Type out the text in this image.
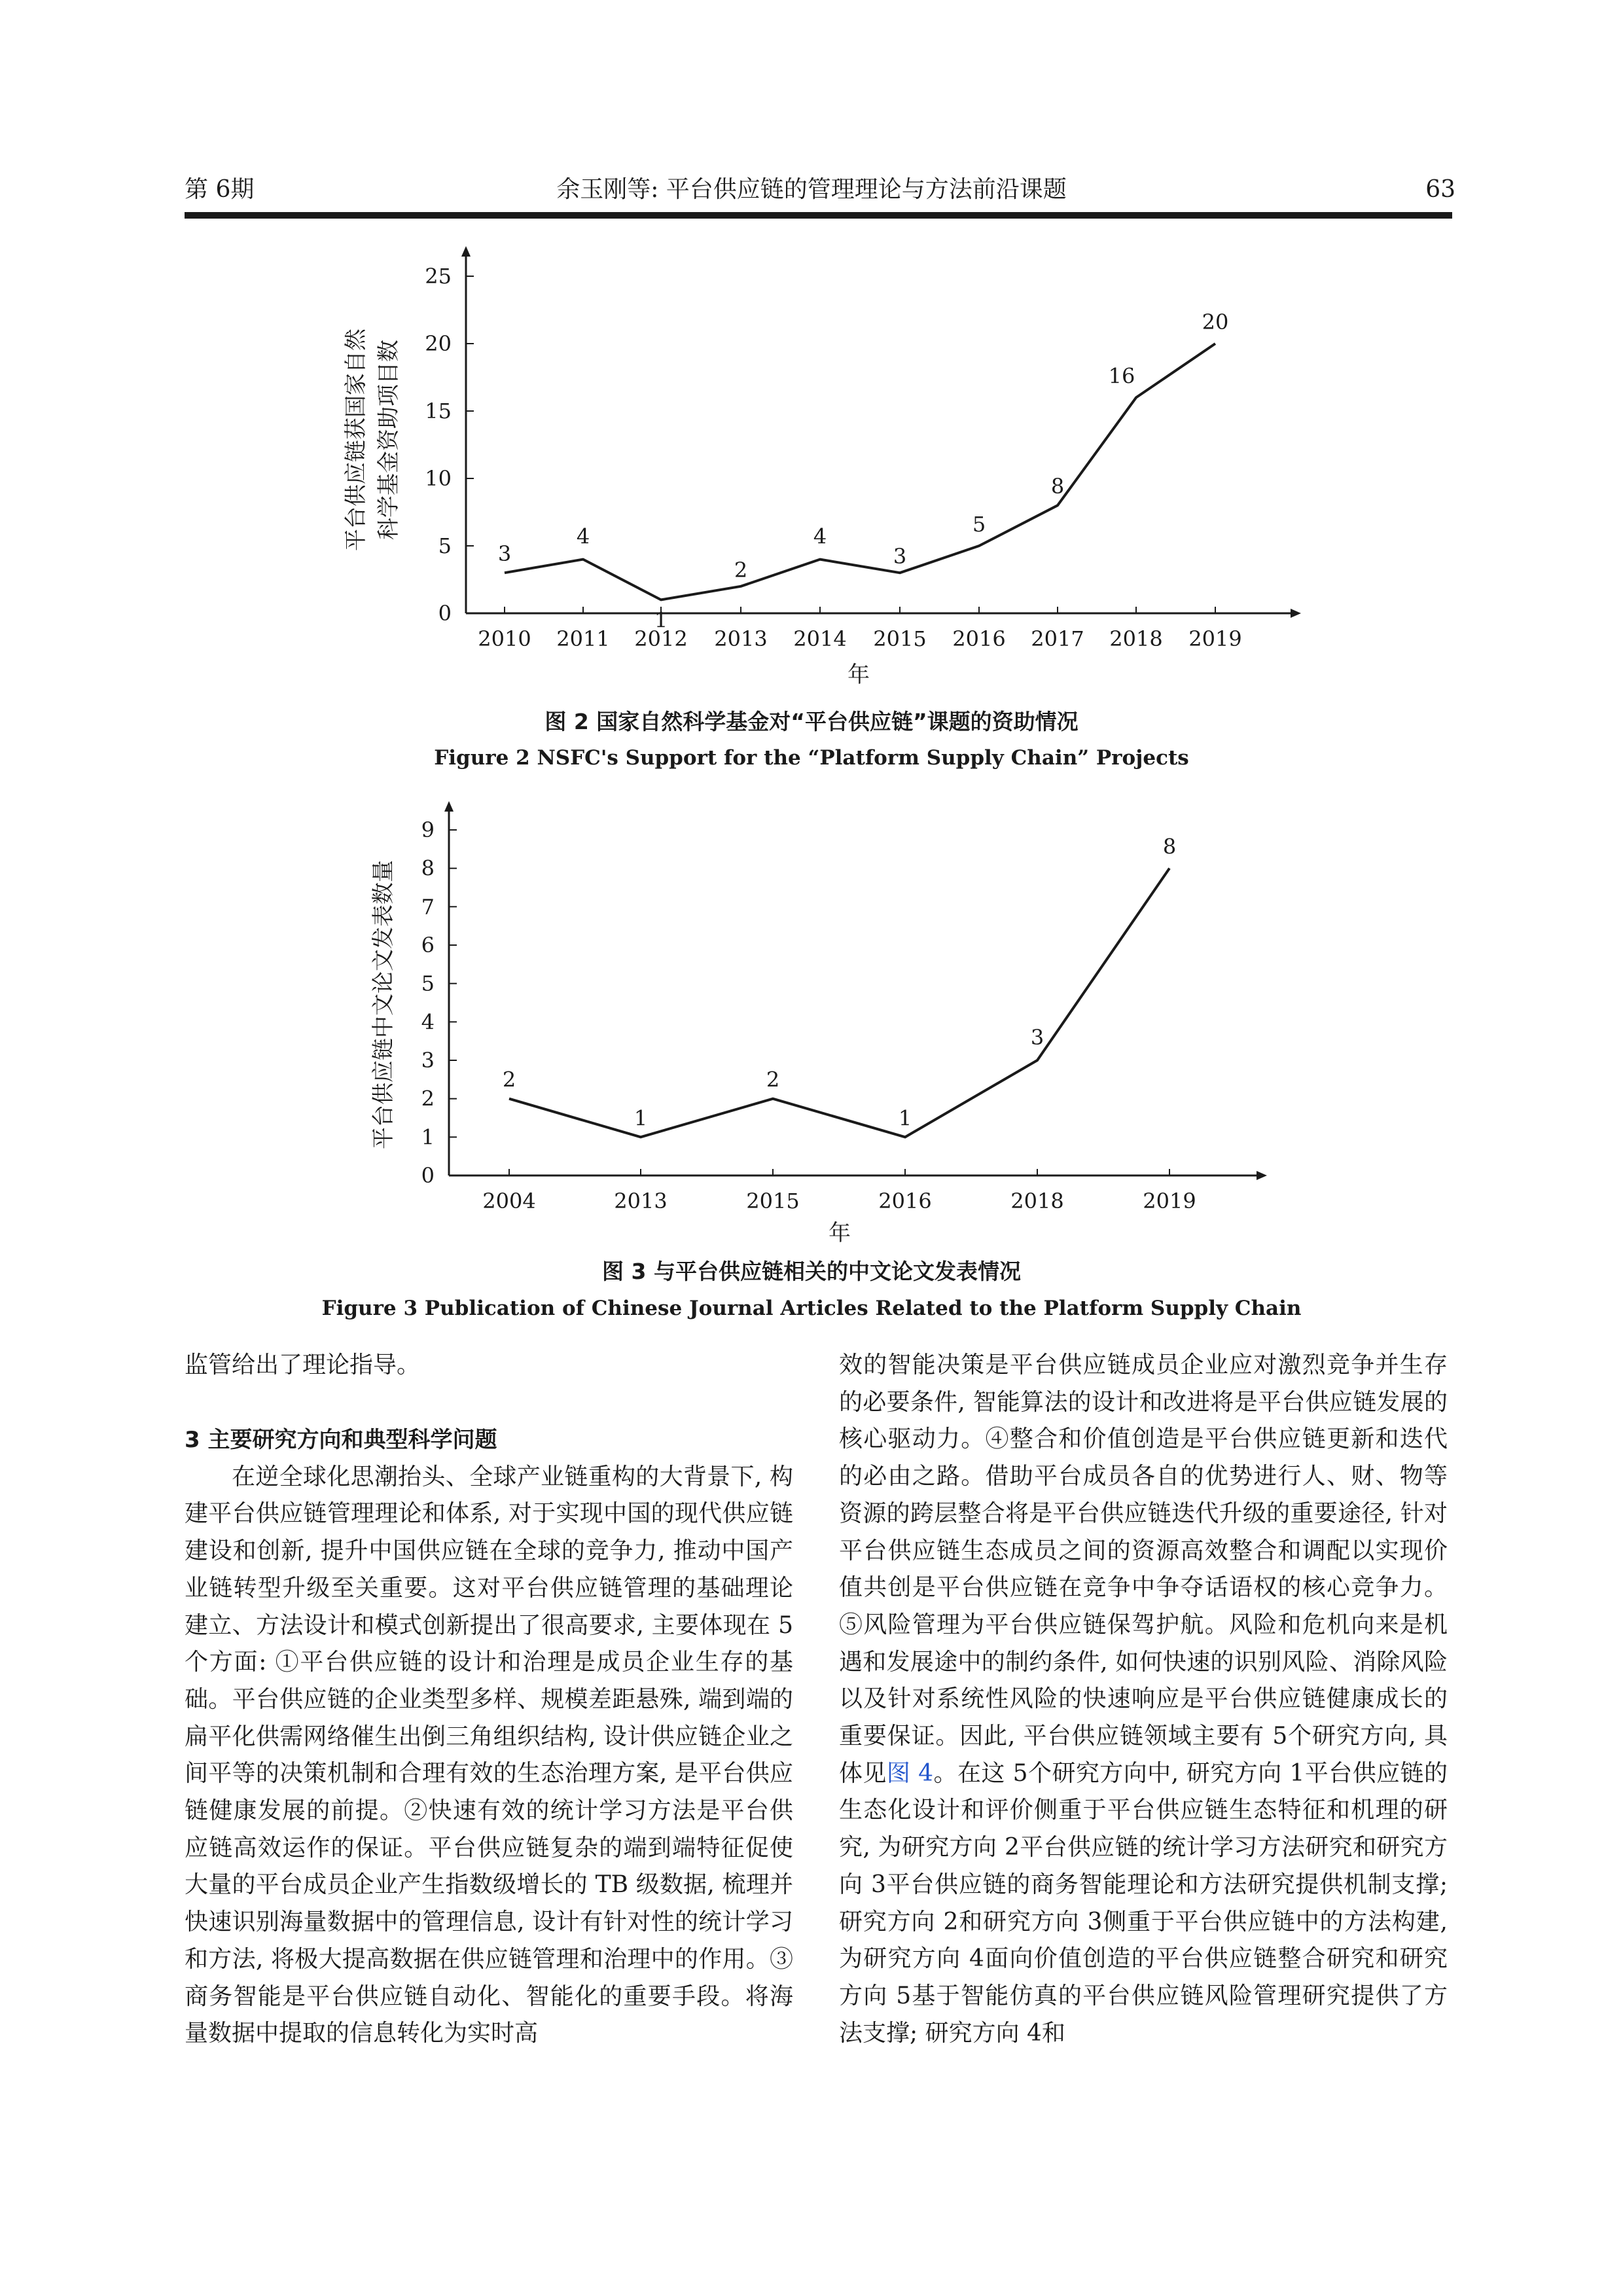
第 6期	余玉刚等: 平台供应链的管理理论与方法前沿课题	63
0
5
10
15
20
25
2010 2011 2012 2013 2014 2015 2016 2017 2018 2019
3
4
1
2
4
3
5
8
16
20
年
平台供应链获国家自然 科学基金资助项目数
图 2 国家自然科学基金对“平台供应链”课题的资助情况
Figure 2 NSFC's Support for the “Platform Supply Chain” Projects
0
1
2
3
4
5
6
7
8
9
2004	2013	2015	2016	2018	2019
2
1
2
1
3
8
年
平台供应链中文论文发表数量
图 3 与平台供应链相关的中文论文发表情况
Figure 3 Publication of Chinese Journal Articles Related to the Platform Supply Chain

监管给出了理论指导。

3 主要研究方向和典型科学问题

在逆全球化思潮抬头、全球产业链重构的大背景下, 构建平台供应链管理理论和体系, 对于实现中国的现代供应链建设和创新, 提升中国供应链在全球的竞争力, 推动中国产业链转型升级至关重要。这对平台供应链管理的基础理论建立、方法设计和模式创新提出了很高要求, 主要体现在 5个方面: ①平台供应链的设计和治理是成员企业生存的基础。平台供应链的企业类型多样、规模差距悬殊, 端到端的扁平化供需网络催生出倒三角组织结构, 设计供应链企业之间平等的决策机制和合理有效的生态治理方案, 是平台供应链健康发展的前提。②快速有效的统计学习方法是平台供应链高效运作的保证。平台供应链复杂的端到端特征促使大量的平台成员企业产生指数级增长的 TB 级数据, 梳理并快速识别海量数据中的管理信息, 设计有针对性的统计学习和方法, 将极大提高数据在供应链管理和治理中的作用。③商务智能是平台供应链自动化、智能化的重要手段。将海量数据中提取的信息转化为实时高

效的智能决策是平台供应链成员企业应对激烈竞争并生存的必要条件, 智能算法的设计和改进将是平台供应链发展的核心驱动力。④整合和价值创造是平台供应链更新和迭代的必由之路。借助平台成员各自的优势进行人、财、物等资源的跨层整合将是平台供应链迭代升级的重要途径, 针对平台供应链生态成员之间的资源高效整合和调配以实现价值共创是平台供应链在竞争中争夺话语权的核心竞争力。⑤风险管理为平台供应链保驾护航。风险和危机向来是机遇和发展途中的制约条件, 如何快速的识别风险、消除风险以及针对系统性风险的快速响应是平台供应链健康成长的重要保证。因此, 平台供应链领域主要有 5个研究方向, 具体见图 4。在这 5个研究方向中, 研究方向 1平台供应链的生态化设计和评价侧重于平台供应链生态特征和机理的研究, 为研究方向 2平台供应链的统计学习方法研究和研究方向 3平台供应链的商务智能理论和方法研究提供机制支撑; 研究方向 2和研究方向 3侧重于平台供应链中的方法构建, 为研究方向 4面向价值创造的平台供应链整合研究和研究方向 5基于智能仿真的平台供应链风险管理研究提供了方法支撑; 研究方向 4和
